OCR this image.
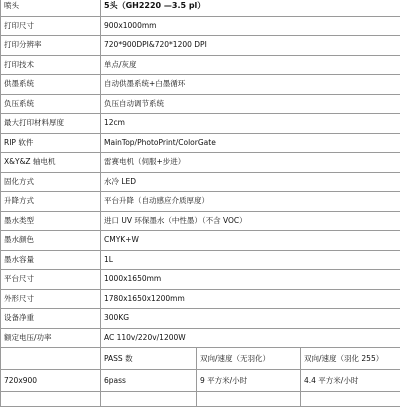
喷头	5头（GH2220 —3.5 pl）		
打印尺寸	900x1000mm		
打印分辨率	720*900DPI&720*1200 DPI		
打印技术	单点/灰度		
供墨系统	自动供墨系统+白墨循环		
负压系统	负压自动调节系统		
最大打印材料厚度	12cm		
RIP 软件	MainTop/PhotoPrint/ColorGate		
X&Y&Z 轴电机	雷赛电机（伺服+步进）		
固化方式	水冷 LED		
升降方式	平台升降（自动感应介质厚度）		
墨水类型	进口 UV 环保墨水（中性墨）（不含 VOC）		
墨水颜色	CMYK+W		
墨水容量	1L		
平台尺寸	1000x1650mm		
外形尺寸	1780x1650x1200mm		
设备净重	300KG		
额定电压/功率	AC 110v/220v/1200W		
	PASS 数	双向/速度（无羽化）	双向/速度（羽化 255）
720x900	6pass	9 平方米/小时	4.4 平方米/小时
